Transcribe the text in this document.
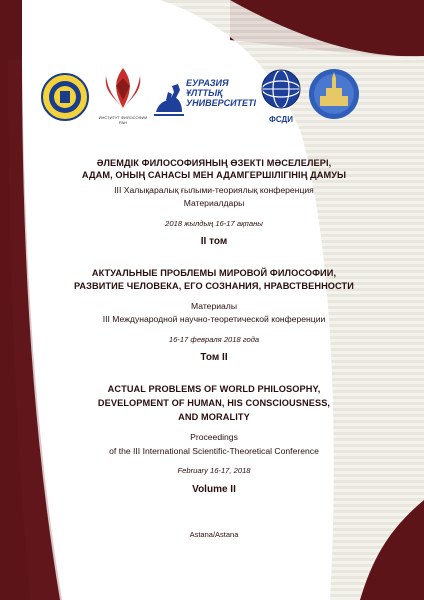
ИНСТИТУТ ФИЛОСОФИИ РАН
ЕУРАЗИЯ
ҰЛТТЫҚ
УНИВЕРСИТЕТІ
ФСДИ
ӘЛЕМДІК ФИЛОСОФИЯНЫҢ ӨЗЕКТІ МӘСЕЛЕЛЕРІ,
АДАМ, ОНЫҢ САНАСЫ МЕН АДАМГЕРШІЛІГІНІҢ ДАМУЫ
III Халықаралық ғылыми-теориялық конференция
Материалдары
2018 жылдың 16-17 ақпаны
II том
АКТУАЛЬНЫЕ ПРОБЛЕМЫ МИРОВОЙ ФИЛОСОФИИ,
РАЗВИТИЕ ЧЕЛОВЕКА, ЕГО СОЗНАНИЯ, НРАВСТВЕННОСТИ
Материалы
III Международной научно-теоретической конференции
16-17 февраля 2018 года
Том II
ACTUAL PROBLEMS OF WORLD PHILOSOPHY,
DEVELOPMENT OF HUMAN, HIS CONSCIOUSNESS,
AND MORALITY
Proceedings
of the III International Scientific-Theoretical Conference
February 16-17, 2018
Volume II
Astana/Astana
